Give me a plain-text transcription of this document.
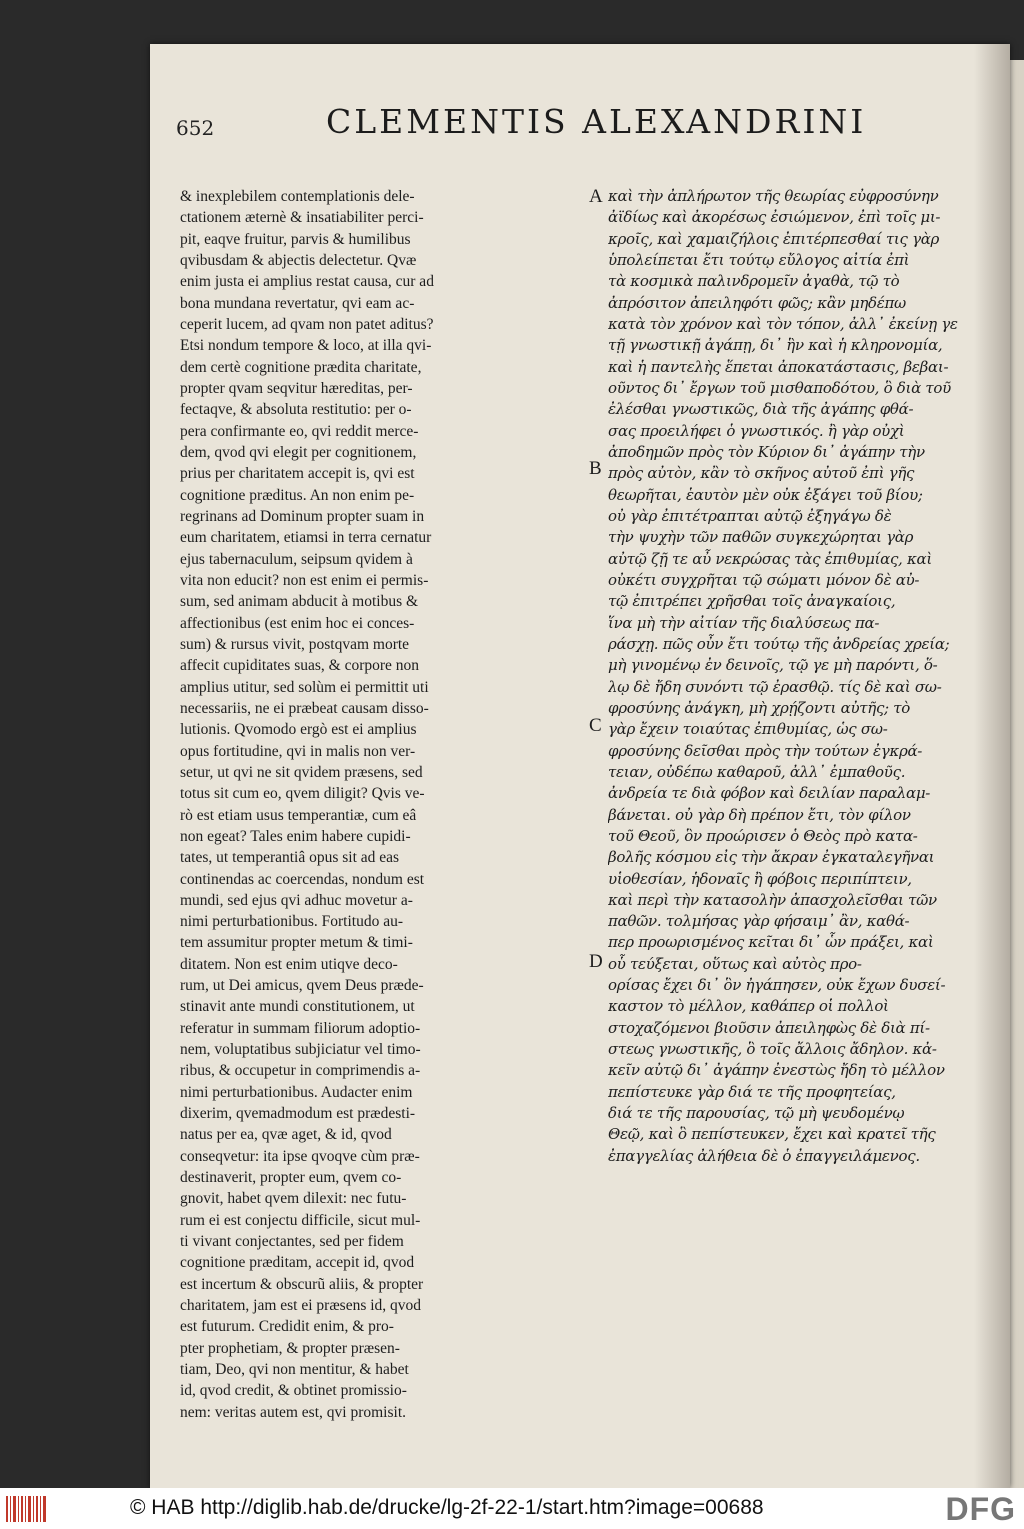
652	CLEMENTIS ALEXANDRINI
& inexplebilem contemplationis dele-
ctationem æternè & insatiabiliter perci-
pit, eaqve fruitur, parvis & humilibus
qvibusdam & abjectis delectetur. Qvæ
enim justa ei amplius restat causa, cur ad
bona mundana revertatur, qvi eam ac-
ceperit lucem, ad qvam non patet aditus?
Etsi nondum tempore & loco, at illa qvi-
dem certè cognitione prædita charitate,
propter qvam seqvitur hæreditas, per-
fectaqve, & absoluta restitutio: per o-
pera confirmante eo, qvi reddit merce-
dem, qvod qvi elegit per cognitionem,
prius per charitatem accepit is, qvi est
cognitione præditus. An non enim pe-
regrinans ad Dominum propter suam in
eum charitatem, etiamsi in terra cernatur
ejus tabernaculum, seipsum qvidem à
vita non educit? non est enim ei permis-
sum, sed animam abducit à motibus &
affectionibus (est enim hoc ei conces-
sum) & rursus vivit, postqvam morte
affecit cupiditates suas, & corpore non
amplius utitur, sed solùm ei permittit uti
necessariis, ne ei præbeat causam disso-
lutionis. Qvomodo ergò est ei amplius
opus fortitudine, qvi in malis non ver-
setur, ut qvi ne sit qvidem præsens, sed
totus sit cum eo, qvem diligit? Qvis ve-
rò est etiam usus temperantiæ, cum eâ
non egeat? Tales enim habere cupidi-
tates, ut temperantiâ opus sit ad eas
continendas ac coercendas, nondum est
mundi, sed ejus qvi adhuc movetur a-
nimi perturbationibus. Fortitudo au-
tem assumitur propter metum & timi-
ditatem. Non est enim utiqve deco-
rum, ut Dei amicus, qvem Deus præde-
stinavit ante mundi constitutionem, ut
referatur in summam filiorum adoptio-
nem, voluptatibus subjiciatur vel timo-
ribus, & occupetur in comprimendis a-
nimi perturbationibus. Audacter enim
dixerim, qvemadmodum est prædesti-
natus per ea, qvæ aget, & id, qvod
conseqvetur: ita ipse qvoqve cùm præ-
destinaverit, propter eum, qvem co-
gnovit, habet qvem dilexit: nec futu-
rum ei est conjectu difficile, sicut mul-
ti vivant conjectantes, sed per fidem
cognitione præditam, accepit id, qvod
est incertum & obscurũ aliis, & propter
charitatem, jam est ei præsens id, qvod
est futurum. Credidit enim, & pro-
pter prophetiam, & propter præsen-
tiam, Deo, qvi non mentitur, & habet
id, qvod credit, & obtinet promissio-
nem: veritas autem est, qvi promisit.
καὶ τὴν ἀπλήρωτον τῆς θεωρίας εὐφροσύνην
ἀϊδίως καὶ ἀκορέσως ἐσιώμενον, ἐπὶ τοῖς μι-
κροῖς, καὶ χαμαιζήλοις ἐπιτέρπεσθαί τις γὰρ
ὑπολείπεται ἔτι τούτῳ εὔλογος αἰτία ἐπὶ
τὰ κοσμικὰ παλινδρομεῖν ἀγαθὰ, τῷ τὸ
ἀπρόσιτον ἀπειληφότι φῶς; κἂν μηδέπω
κατὰ τὸν χρόνον καὶ τὸν τόπον, ἀλλ᾽ ἐκείνῃ γε
τῇ γνωστικῇ ἀγάπῃ, δι᾽ ἣν καὶ ἡ κληρονομία,
καὶ ἡ παντελὴς ἕπεται ἀποκατάστασις, βεβαι-
οῦντος δι᾽ ἔργων τοῦ μισθαποδότου, ὃ διὰ τοῦ
ἐλέσθαι γνωστικῶς, διὰ τῆς ἀγάπης φθά-
σας προειλήφει ὁ γνωστικός. ἢ γὰρ οὐχὶ
ἀποδημῶν πρὸς τὸν Κύριον δι᾽ ἀγάπην τὴν
πρὸς αὐτὸν, κἂν τὸ σκῆνος αὐτοῦ ἐπὶ γῆς
θεωρῆται, ἑαυτὸν μὲν οὐκ ἐξάγει τοῦ βίου;
οὐ γὰρ ἐπιτέτραπται αὐτῷ ἐξηγάγω δὲ
τὴν ψυχὴν τῶν παθῶν συγκεχώρηται γὰρ
αὐτῷ ζῇ τε αὖ νεκρώσας τὰς ἐπιθυμίας, καὶ
οὐκέτι συγχρῆται τῷ σώματι μόνον δὲ αὐ-
τῷ ἐπιτρέπει χρῆσθαι τοῖς ἀναγκαίοις,
ἵνα μὴ τὴν αἰτίαν τῆς διαλύσεως πα-
ράσχῃ. πῶς οὖν ἔτι τούτῳ τῆς ἀνδρείας χρεία;
μὴ γινομένῳ ἐν δεινοῖς, τῷ γε μὴ παρόντι, ὅ-
λῳ δὲ ἤδη συνόντι τῷ ἐρασθῷ. τίς δὲ καὶ σω-
φροσύνης ἀνάγκη, μὴ χρῄζοντι αὐτῆς; τὸ
γὰρ ἔχειν τοιαύτας ἐπιθυμίας, ὡς σω-
φροσύνης δεῖσθαι πρὸς τὴν τούτων ἐγκρά-
τειαν, οὐδέπω καθαροῦ, ἀλλ᾽ ἐμπαθοῦς.
ἀνδρεία τε διὰ φόβον καὶ δειλίαν παραλαμ-
βάνεται. οὐ γὰρ δὴ πρέπον ἔτι, τὸν φίλον
τοῦ Θεοῦ, ὃν προώρισεν ὁ Θεὸς πρὸ κατα-
βολῆς κόσμου εἰς τὴν ἄκραν ἐγκαταλεγῆναι
υἱοθεσίαν, ἡδοναῖς ἢ φόβοις περιπίπτειν,
καὶ περὶ τὴν κατασολὴν ἀπασχολεῖσθαι τῶν
παθῶν. τολμήσας γὰρ φήσαιμ᾽ ἂν, καθά-
περ προωρισμένος κεῖται δι᾽ ὧν πράξει, καὶ
οὗ τεύξεται, οὕτως καὶ αὐτὸς προ-
ορίσας ἔχει δι᾽ ὃν ἠγάπησεν, οὐκ ἔχων δυσεί-
καστον τὸ μέλλον, καθάπερ οἱ πολλοὶ
στοχαζόμενοι βιοῦσιν ἀπειληφὼς δὲ διὰ πί-
στεως γνωστικῆς, ὃ τοῖς ἄλλοις ἄδηλον. κἀ-
κεῖν αὐτῷ δι᾽ ἀγάπην ἐνεστὼς ἤδη τὸ μέλλον
πεπίστευκε γὰρ διά τε τῆς προφητείας,
διά τε τῆς παρουσίας, τῷ μὴ ψευδομένῳ
Θεῷ, καὶ ὃ πεπίστευκεν, ἔχει καὶ κρατεῖ τῆς
ἐπαγγελίας ἀλήθεια δὲ ὁ ἐπαγγειλάμενος.
A
B
C
D
© HAB http://diglib.hab.de/drucke/lg-2f-22-1/start.htm?image=00688	DFG
